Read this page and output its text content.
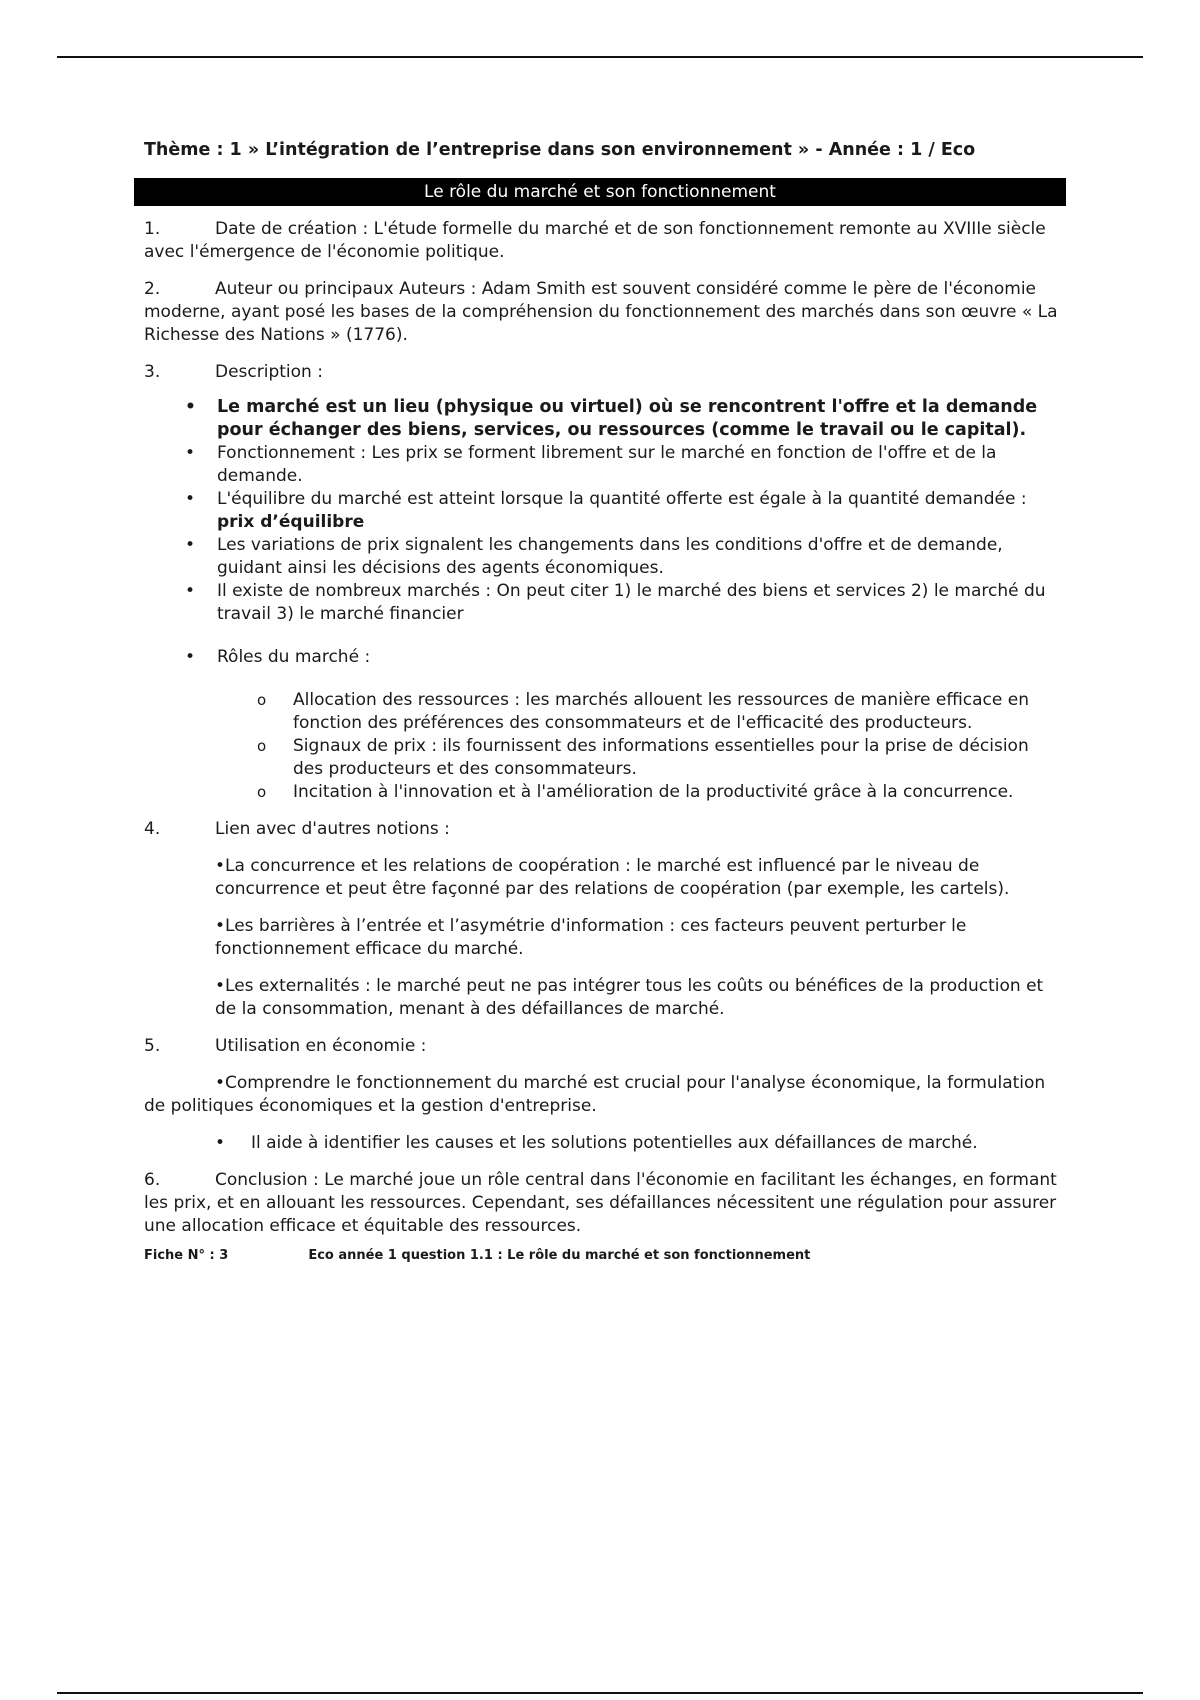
Thème : 1 » L’intégration de l’entreprise dans son environnement » - Année : 1 / Eco
Le rôle du marché et son fonctionnement

1.	Date de création : L'étude formelle du marché et de son fonctionnement remonte au XVIIIe siècle avec l'émergence de l'économie politique.

2.	Auteur ou principaux Auteurs : Adam Smith est souvent considéré comme le père de l'économie moderne, ayant posé les bases de la compréhension du fonctionnement des marchés dans son œuvre « La Richesse des Nations » (1776).

3.	Description :

• Le marché est un lieu (physique ou virtuel) où se rencontrent l'offre et la demande pour échanger des biens, services, ou ressources (comme le travail ou le capital).
• Fonctionnement : Les prix se forment librement sur le marché en fonction de l'offre et de la demande.
• L'équilibre du marché est atteint lorsque la quantité offerte est égale à la quantité demandée : prix d’équilibre
• Les variations de prix signalent les changements dans les conditions d'offre et de demande, guidant ainsi les décisions des agents économiques.
• Il existe de nombreux marchés : On peut citer 1) le marché des biens et services 2) le marché du travail 3) le marché financier
• Rôles du marché :
o Allocation des ressources : les marchés allouent les ressources de manière efficace en fonction des préférences des consommateurs et de l'efficacité des producteurs.
o Signaux de prix : ils fournissent des informations essentielles pour la prise de décision des producteurs et des consommateurs.
o Incitation à l'innovation et à l'amélioration de la productivité grâce à la concurrence.

4.	Lien avec d'autres notions :

•La concurrence et les relations de coopération : le marché est influencé par le niveau de concurrence et peut être façonné par des relations de coopération (par exemple, les cartels).

•Les barrières à l’entrée et l’asymétrie d'information : ces facteurs peuvent perturber le fonctionnement efficace du marché.

•Les externalités : le marché peut ne pas intégrer tous les coûts ou bénéfices de la production et de la consommation, menant à des défaillances de marché.

5.	Utilisation en économie :

•Comprendre le fonctionnement du marché est crucial pour l'analyse économique, la formulation de politiques économiques et la gestion d'entreprise.

• Il aide à identifier les causes et les solutions potentielles aux défaillances de marché.

6.	Conclusion : Le marché joue un rôle central dans l'économie en facilitant les échanges, en formant les prix, et en allouant les ressources. Cependant, ses défaillances nécessitent une régulation pour assurer une allocation efficace et équitable des ressources.

Fiche N° : 3	Eco année 1 question 1.1 : Le rôle du marché et son fonctionnement
